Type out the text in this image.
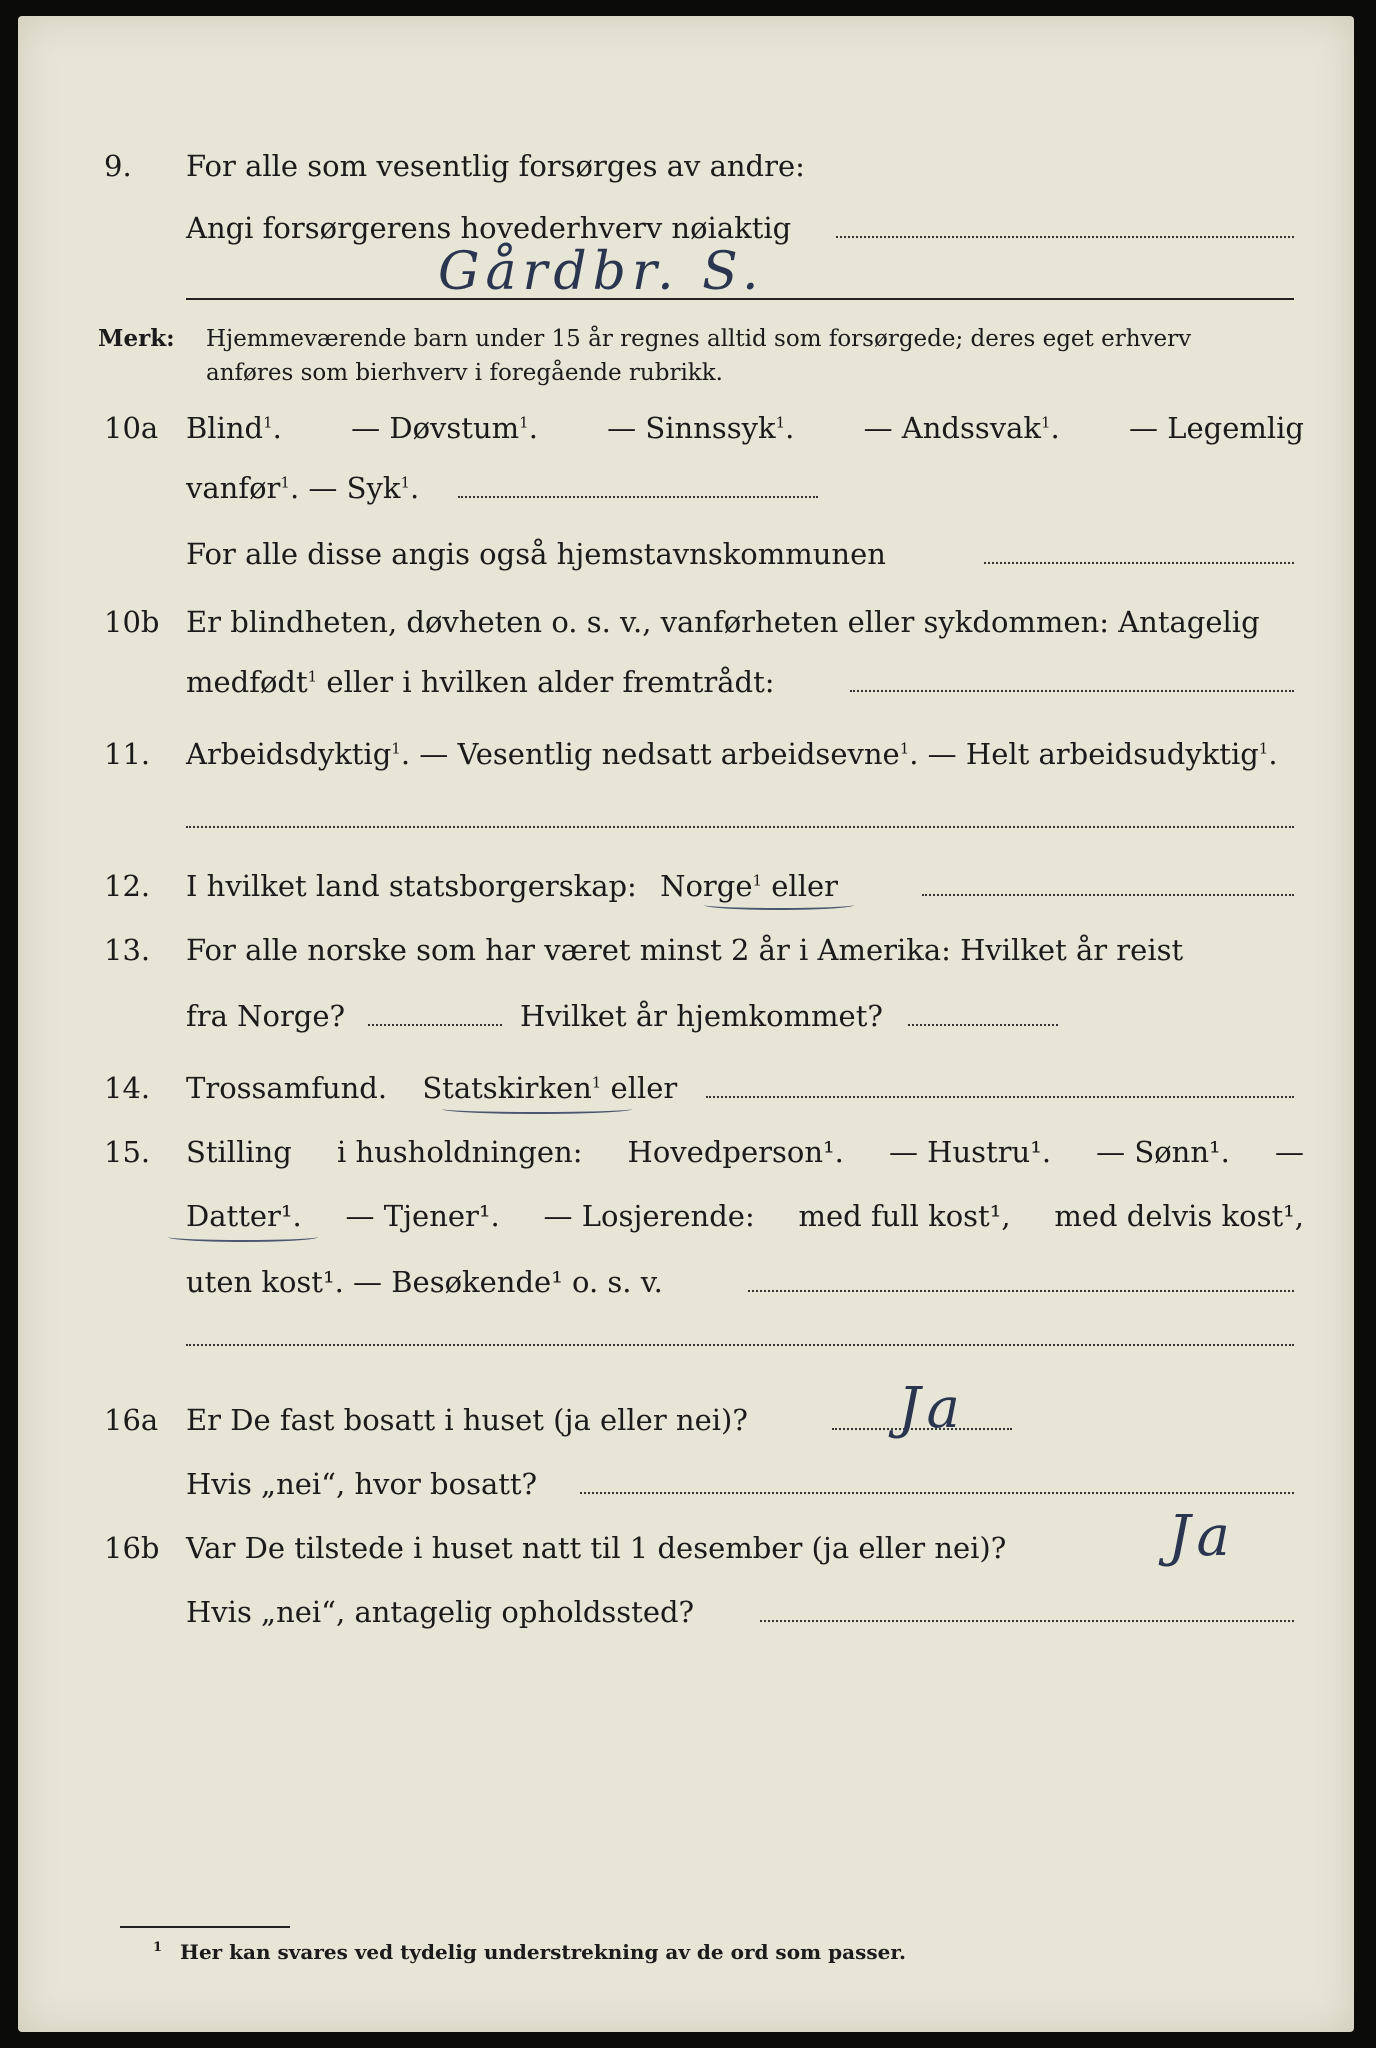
9. For alle som vesentlig forsørges av andre:
Angi forsørgerens hovederhverv nøiaktig
Gårdbr. S.
Merk: Hjemmeværende barn under 15 år regnes alltid som forsørgede; deres eget erhverv
anføres som bierhverv i foregående rubrikk.
10a Blind$^1$. — Døvstum$^1$. — Sinnssyk$^1$. — Andssvak$^1$. — Legemlig
vanfør$^1$. — Syk$^1$.
For alle disse angis også hjemstavnskommunen
10b Er blindheten, døvheten o. s. v., vanførheten eller sykdommen: Antagelig
medfødt$^1$ eller i hvilken alder fremtrådt:
11. Arbeidsdyktig$^1$. — Vesentlig nedsatt arbeidsevne$^1$. — Helt arbeidsudyktig$^1$.
12. I hvilket land statsborgerskap: Norge$^1$ eller
13. For alle norske som har været minst 2 år i Amerika: Hvilket år reist
fra Norge?	Hvilket år hjemkommet?
14. Trossamfund. Statskirken$^1$ eller
15. Stilling i husholdningen: Hovedperson¹. — Hustru¹. — Sønn¹. —
Datter¹. — Tjener¹. — Losjerende: med full kost¹, med delvis kost¹,
uten kost¹. — Besøkende¹ o. s. v.
16a Er De fast bosatt i huset (ja eller nei)?	Ja
Hvis „nei“, hvor bosatt?
16b Var De tilstede i huset natt til 1 desember (ja eller nei)?	Ja
Hvis „nei“, antagelig opholdssted?
$^1$ Her kan svares ved tydelig understrekning av de ord som passer.
